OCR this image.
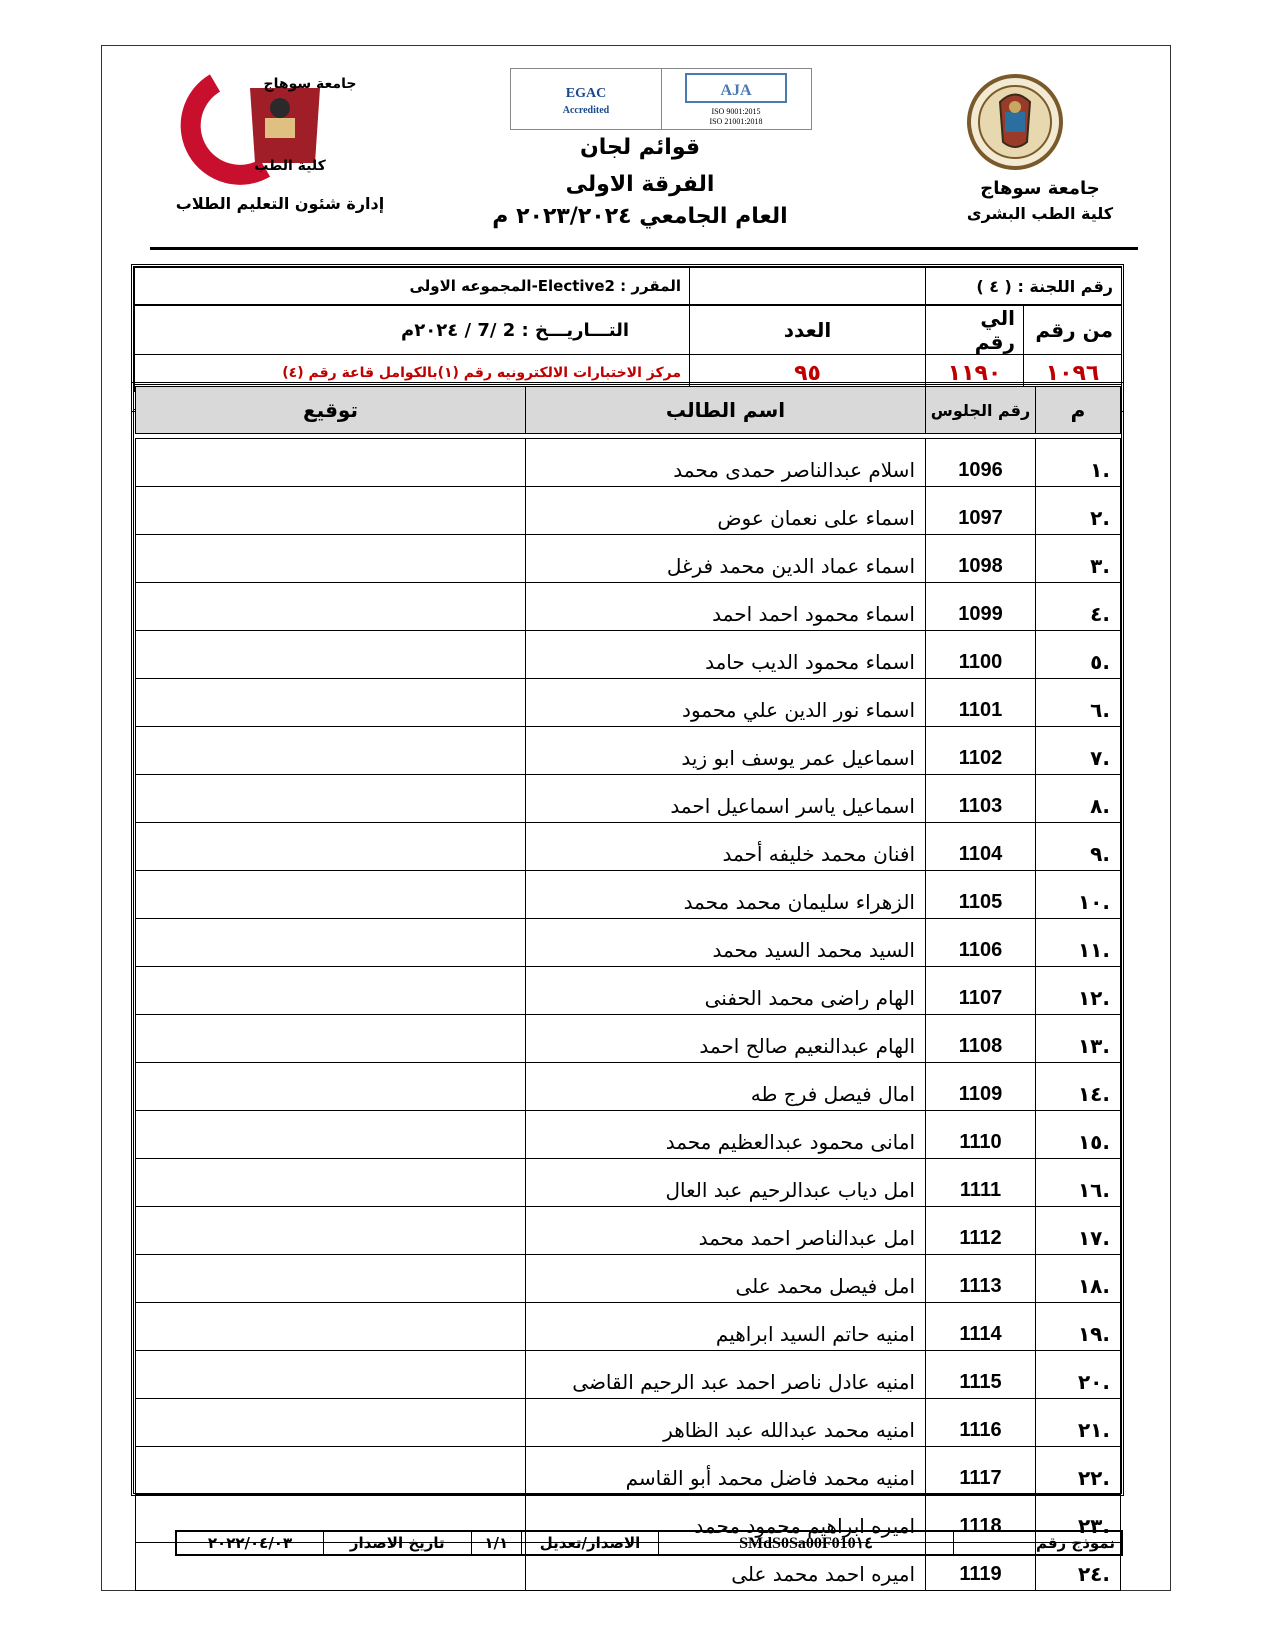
جامعة سوهاج
كلية الطب البشرى
جامعة سوهاج
كلية الطب
إدارة شئون التعليم الطلاب
EGAC
Accredited
AJA
ISO 9001:2015
ISO 21001:2018
قوائم لجان
الفرقة الاولى
العام الجامعي ٢٠٢٣/٢٠٢٤ م
رقم اللجنة : ( ٤ )		المقرر : Elective2-المجموعه الاولى
من رقم	الي رقم	العدد	التـــاريـــخ : 2 /7 / ٢٠٢٤م
١٠٩٦	١١٩٠	٩٥	مركز الاختبارات الالكترونيه رقم (١)بالكوامل قاعة رقم (٤)
م	رقم الجلوس	اسم الطالب	توقيع

.١	1096	اسلام عبدالناصر حمدى محمد	
.٢	1097	اسماء على نعمان عوض	
.٣	1098	اسماء عماد الدين محمد فرغل	
.٤	1099	اسماء محمود احمد احمد	
.٥	1100	اسماء محمود الديب حامد	
.٦	1101	اسماء نور الدين علي محمود	
.٧	1102	اسماعيل عمر يوسف ابو زيد	
.٨	1103	اسماعيل ياسر اسماعيل احمد	
.٩	1104	افنان محمد خليفه أحمد	
.١٠	1105	الزهراء سليمان محمد محمد	
.١١	1106	السيد محمد السيد محمد	
.١٢	1107	الهام راضى محمد الحفنى	
.١٣	1108	الهام عبدالنعيم صالح احمد	
.١٤	1109	امال فيصل فرج طه	
.١٥	1110	امانى محمود عبدالعظيم محمد	
.١٦	1111	امل دياب عبدالرحيم عبد العال	
.١٧	1112	امل عبدالناصر احمد محمد	
.١٨	1113	امل فيصل محمد على	
.١٩	1114	امنيه حاتم السيد ابراهيم	
.٢٠	1115	امنيه عادل ناصر احمد عبد الرحيم القاضى	
.٢١	1116	امنيه محمد عبدالله عبد الظاهر	
.٢٢	1117	امنيه محمد فاضل محمد أبو القاسم	
.٢٣	1118	اميره ابراهيم محمود محمد	
.٢٤	1119	اميره احمد محمد على	
نموذج رقم	SMdS0Sa00F010١٤	الاصدار/تعديل	١/١	تاريخ الاصدار	٢٠٢٢/٠٤/٠٣
